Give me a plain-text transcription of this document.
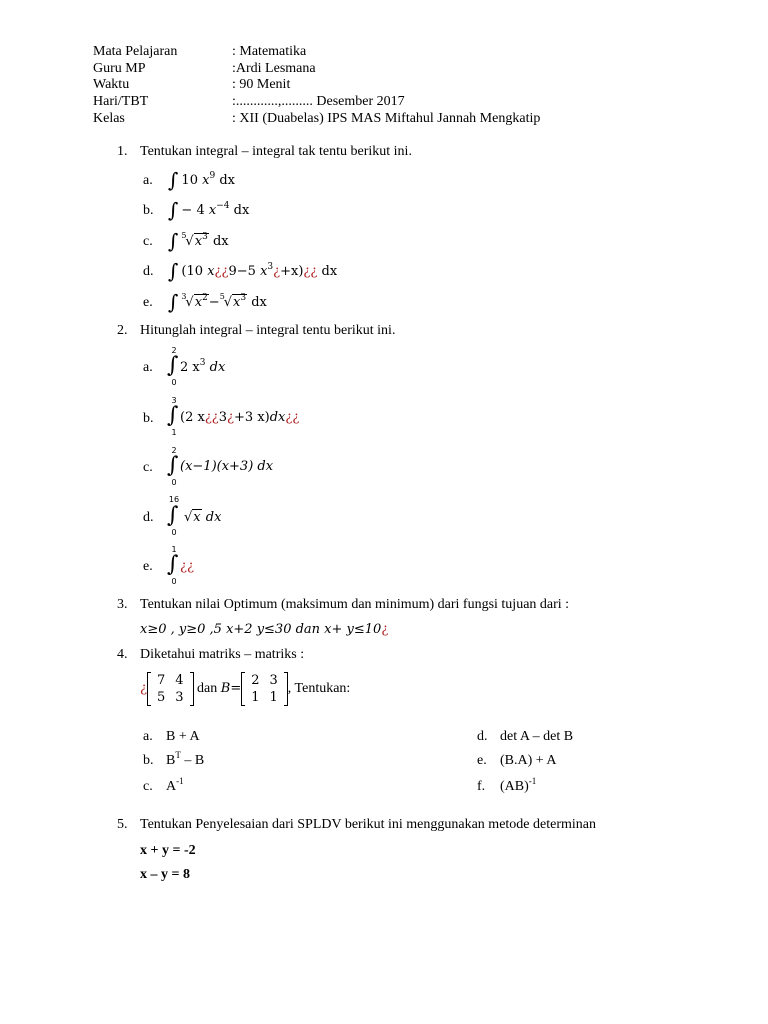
Mata Pelajaran	: Matematika
Guru MP	:Ardi Lesmana
Waktu	: 90 Menit
Hari/TBT	:............,......... Desember 2017
Kelas	: XII (Duabelas) IPS MAS Miftahul Jannah Mengkatip
1. Tentukan integral – integral tak tentu berikut ini.
a. ∫ 10 $x^9$ dx
b. ∫ − 4 $x^{-4}$ dx
c. ∫ 5
$√x^3$ dx
d. ∫ (10 x¿¿9−5 $x^3¿+x)¿¿$ dx
e. ∫ 3
$√x^2- 5$
$√x^3$ dx
2. Hitunglah integral – integral tentu berikut ini.
a.
2
∫
0
2 $x^3$ dx
b.
3
∫
1
(2 x¿¿3¿+3 x)dx¿¿
c.
2
∫
0
(x−1)(x+3) dx
d.
16
∫
0
√x dx
e.
1
∫
0
¿¿
3. Tentukan nilai Optimum (maksimum dan minimum) dari fungsi tujuan dari :
x≥0 , y≥0 ,5 x+2 y≤30 dan x+ y≤10¿
4. Diketahui matriks – matriks :
¿
7	4
5	3
dan B=
2	3
1	1
, Tentukan:
a. B + A
b. $B^T$ – B
c. $A^{-1}$
d. det A – det B
e. (B.A) + A
f. (AB)$^{-1}$
5. Tentukan Penyelesaian dari SPLDV berikut ini menggunakan metode determinan
x + y = -2
x – y = 8
